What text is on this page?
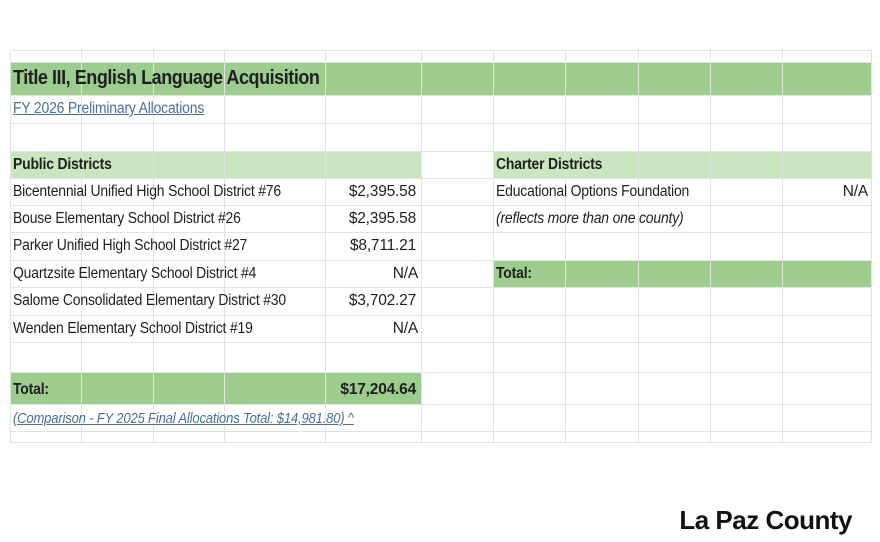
Title III, English Language Acquisition
FY 2026 Preliminary Allocations
Public Districts
Bicentennial Unified High School District #76	$2,395.58
Bouse Elementary School District #26	$2,395.58
Parker Unified High School District #27	$8,711.21
Quartzsite Elementary School District #4	N/A
Salome Consolidated Elementary District #30	$3,702.27
Wenden Elementary School District #19	N/A
Total:	$17,204.64
(Comparison - FY 2025 Final Allocations Total: $14,981.80) ^
Charter Districts
Educational Options Foundation	N/A
(reflects more than one county)
Total:
La Paz County
